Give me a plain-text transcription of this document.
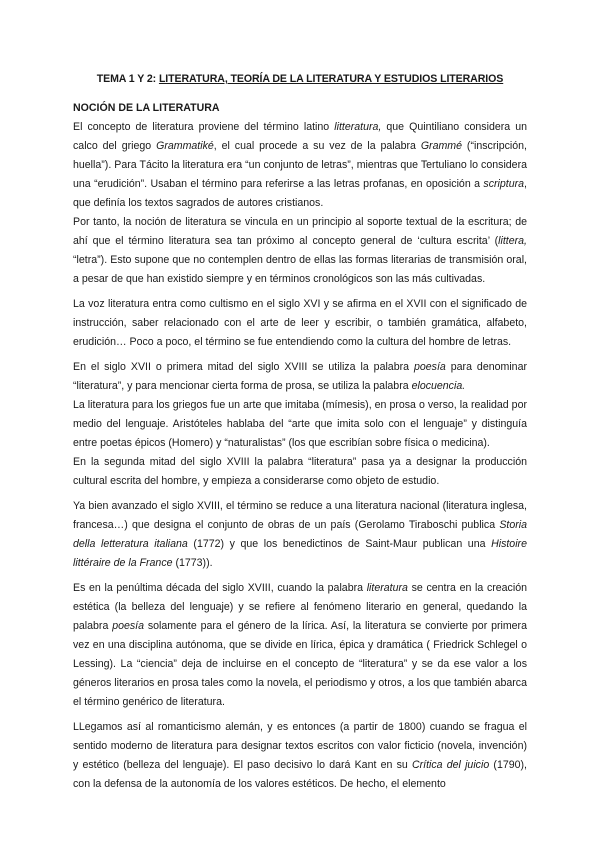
TEMA 1 Y 2: LITERATURA, TEORÍA DE LA LITERATURA Y ESTUDIOS LITERARIOS
NOCIÓN DE LA LITERATURA

El concepto de literatura proviene del término latino litteratura, que Quintiliano considera un calco del griego Grammatiké, el cual procede a su vez de la palabra Grammé (“inscripción, huella”). Para Tácito la literatura era “un conjunto de letras”, mientras que Tertuliano lo considera una “erudición”. Usaban el término para referirse a las letras profanas, en oposición a scriptura, que definía los textos sagrados de autores cristianos.

Por tanto, la noción de literatura se vincula en un principio al soporte textual de la escritura; de ahí que el término literatura sea tan próximo al concepto general de ‘cultura escrita’ (littera, “letra”). Esto supone que no contemplen dentro de ellas las formas literarias de transmisión oral, a pesar de que han existido siempre y en términos cronológicos son las más cultivadas.

La voz literatura entra como cultismo en el siglo XVI y se afirma en el XVII con el significado de instrucción, saber relacionado con el arte de leer y escribir, o también gramática, alfabeto, erudición… Poco a poco, el término se fue entendiendo como la cultura del hombre de letras.

En el siglo XVII o primera mitad del siglo XVIII se utiliza la palabra poesía para denominar “literatura”, y para mencionar cierta forma de prosa, se utiliza la palabra elocuencia.

La literatura para los griegos fue un arte que imitaba (mímesis), en prosa o verso, la realidad por medio del lenguaje. Aristóteles hablaba del “arte que imita solo con el lenguaje” y distinguía entre poetas épicos (Homero) y “naturalistas” (los que escribían sobre física o medicina).

En la segunda mitad del siglo XVIII la palabra “literatura” pasa ya a designar la producción cultural escrita del hombre, y empieza a considerarse como objeto de estudio.

Ya bien avanzado el siglo XVIII, el término se reduce a una literatura nacional (literatura inglesa, francesa…) que designa el conjunto de obras de un país (Gerolamo Tiraboschi publica Storia della letteratura italiana (1772) y que los benedictinos de Saint-Maur publican una Histoire littéraire de la France (1773)).

Es en la penúltima década del siglo XVIII, cuando la palabra literatura se centra en la creación estética (la belleza del lenguaje) y se refiere al fenómeno literario en general, quedando la palabra poesía solamente para el género de la lírica. Así, la literatura se convierte por primera vez en una disciplina autónoma, que se divide en lírica, épica y dramática ( Friedrick Schlegel o Lessing). La “ciencia” deja de incluirse en el concepto de “literatura” y se da ese valor a los géneros literarios en prosa tales como la novela, el periodismo y otros, a los que también abarca el término genérico de literatura.

LLegamos así al romanticismo alemán, y es entonces (a partir de 1800) cuando se fragua el sentido moderno de literatura para designar textos escritos con valor ficticio (novela, invención) y estético (belleza del lenguaje). El paso decisivo lo dará Kant en su Crítica del juicio (1790), con la defensa de la autonomía de los valores estéticos. De hecho, el elemento
